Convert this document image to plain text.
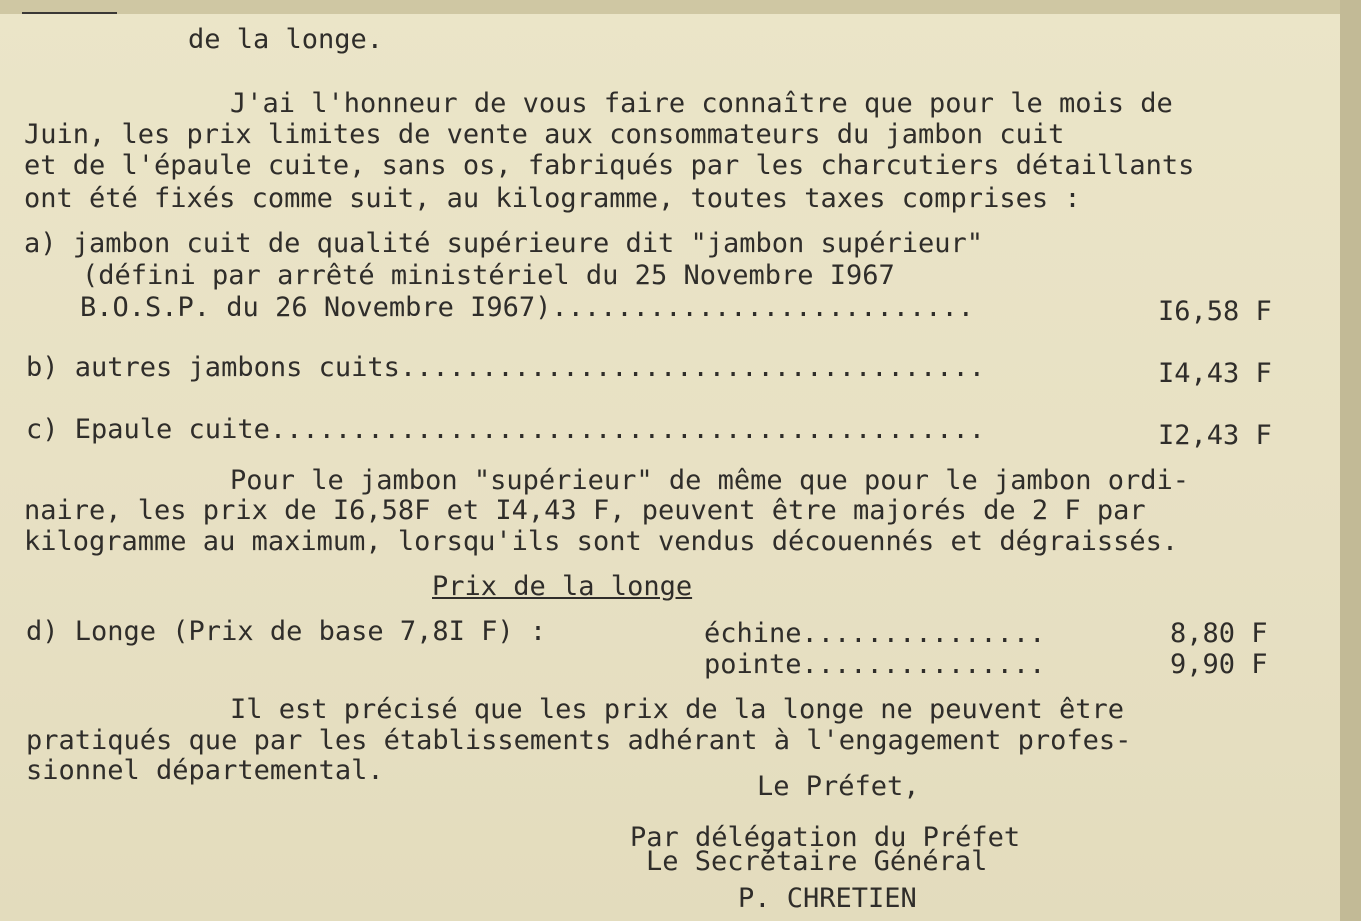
de la longe.
J'ai l'honneur de vous faire connaître que pour le mois de
Juin, les prix limites de vente aux consommateurs du jambon cuit
et de l'épaule cuite, sans os, fabriqués par les charcutiers détaillants
ont été fixés comme suit, au kilogramme, toutes taxes comprises :
a) jambon cuit de qualité supérieure dit "jambon supérieur"
(défini par arrêté ministériel du 25 Novembre I967
B.O.S.P. du 26 Novembre I967)..........................	I6,58 F
b) autres jambons cuits....................................	I4,43 F
c) Epaule cuite............................................	I2,43 F
Pour le jambon "supérieur" de même que pour le jambon ordi-
naire, les prix de I6,58F et I4,43 F, peuvent être majorés de 2 F par
kilogramme au maximum, lorsqu'ils sont vendus découennés et dégraissés.
Prix de la longe
d) Longe (Prix de base 7,8I F) :	échine...............	8,80 F
pointe...............	9,90 F
Il est précisé que les prix de la longe ne peuvent être
pratiqués que par les établissements adhérant à l'engagement profes-
sionnel départemental.
Le Préfet,
Par délégation du Préfet
Le Secrétaire Général
P. CHRETIEN
